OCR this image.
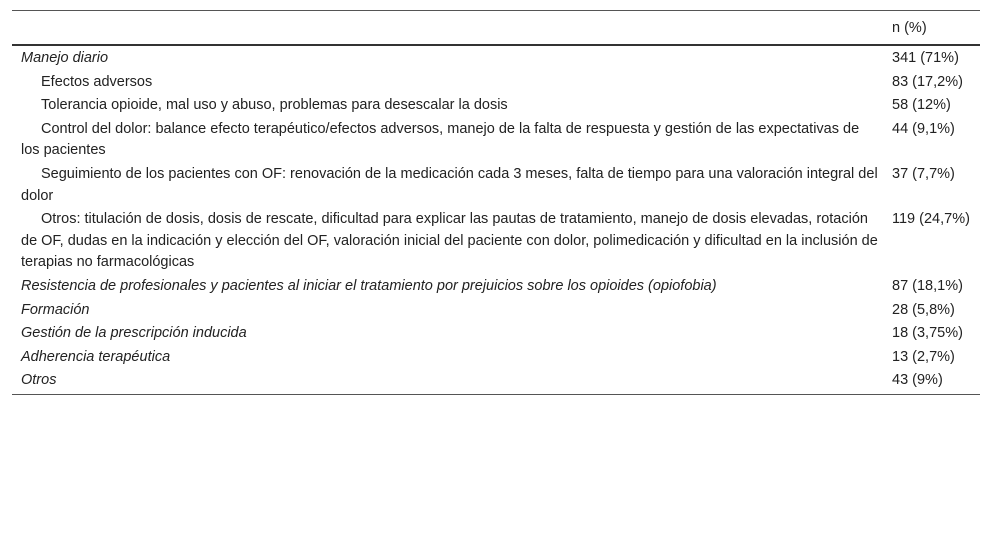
	n (%)
Manejo diario	341 (71%)
Efectos adversos	83 (17,2%)
Tolerancia opioide, mal uso y abuso, problemas para desescalar la dosis	58 (12%)
Control del dolor: balance efecto terapéutico/efectos adversos, manejo de la falta de respuesta y gestión de las expectativas de los pacientes	44 (9,1%)
Seguimiento de los pacientes con OF: renovación de la medicación cada 3 meses, falta de tiempo para una valoración integral del dolor	37 (7,7%)
Otros: titulación de dosis, dosis de rescate, dificultad para explicar las pautas de tratamiento, manejo de dosis elevadas, rotación de OF, dudas en la indicación y elección del OF, valoración inicial del paciente con dolor, polimedicación y dificultad en la inclusión de terapias no farmacológicas	119 (24,7%)
Resistencia de profesionales y pacientes al iniciar el tratamiento por prejuicios sobre los opioides (opiofobia)	87 (18,1%)
Formación	28 (5,8%)
Gestión de la prescripción inducida	18 (3,75%)
Adherencia terapéutica	13 (2,7%)
Otros	43 (9%)
